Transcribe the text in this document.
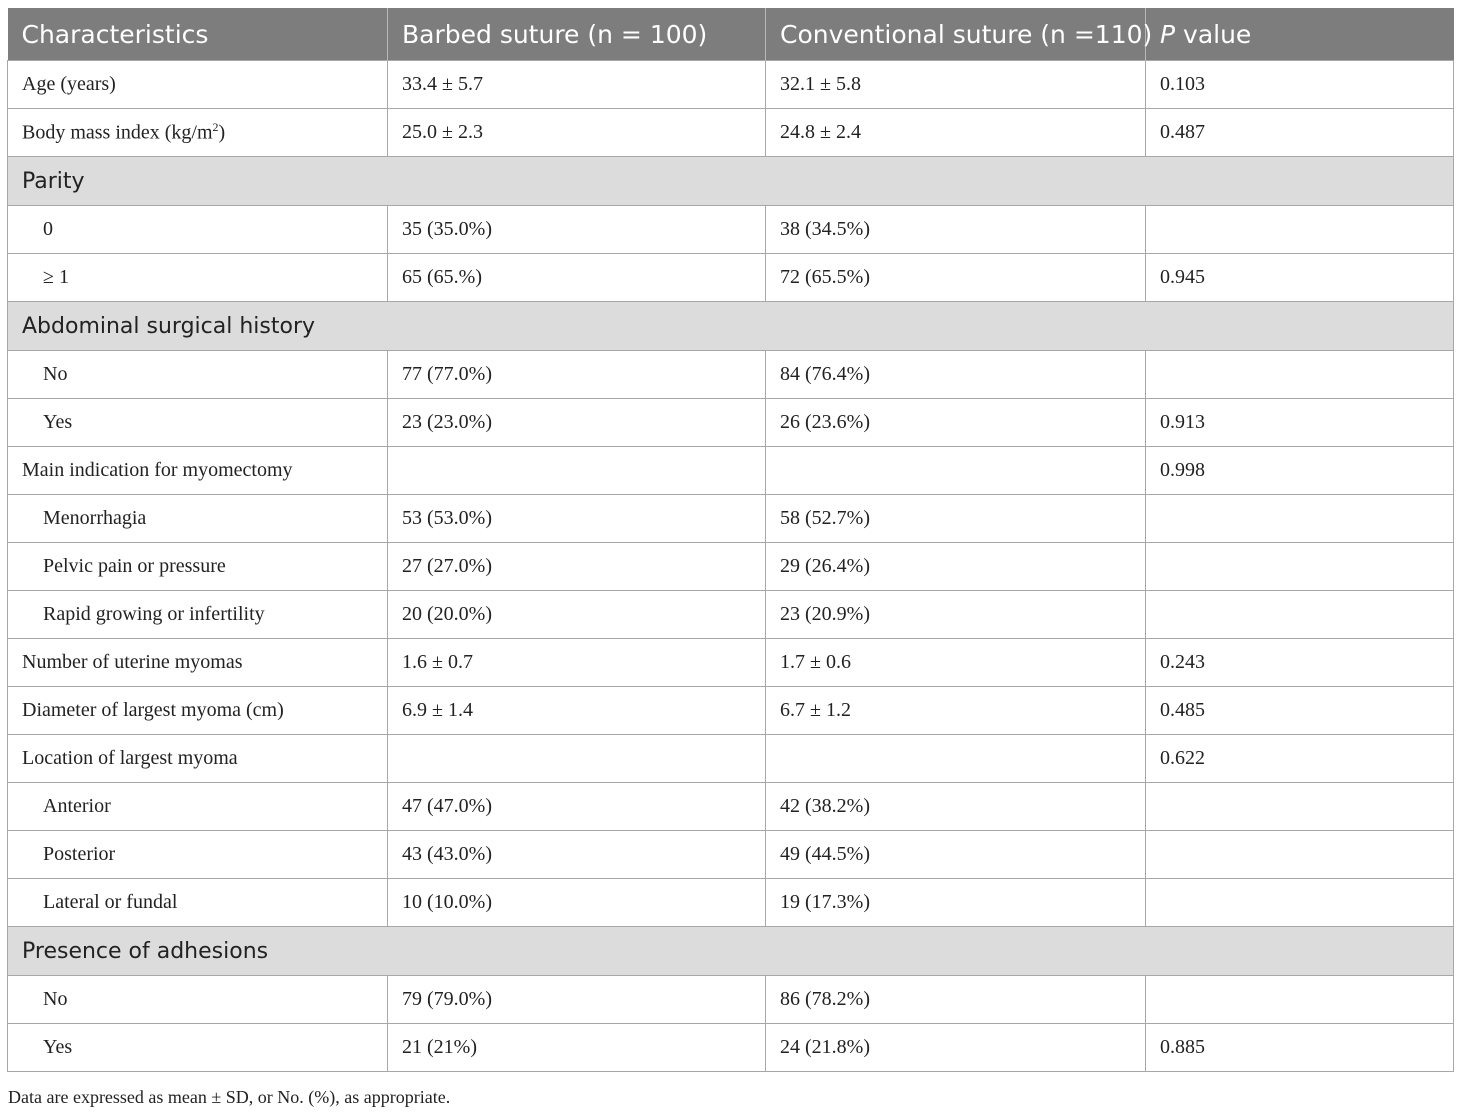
Characteristics	Barbed suture (n = 100)	Conventional suture (n =110)	P value
Age (years)	33.4 ± 5.7	32.1 ± 5.8	0.103
Body mass index $(kg/m^2)$	25.0 ± 2.3	24.8 ± 2.4	0.487
Parity			
0	35 (35.0%)	38 (34.5%)	
≥ 1	65 (65.%)	72 (65.5%)	0.945
Abdominal surgical history			
No	77 (77.0%)	84 (76.4%)	
Yes	23 (23.0%)	26 (23.6%)	0.913
Main indication for myomectomy			0.998
Menorrhagia	53 (53.0%)	58 (52.7%)	
Pelvic pain or pressure	27 (27.0%)	29 (26.4%)	
Rapid growing or infertility	20 (20.0%)	23 (20.9%)	
Number of uterine myomas	1.6 ± 0.7	1.7 ± 0.6	0.243
Diameter of largest myoma (cm)	6.9 ± 1.4	6.7 ± 1.2	0.485
Location of largest myoma			0.622
Anterior	47 (47.0%)	42 (38.2%)	
Posterior	43 (43.0%)	49 (44.5%)	
Lateral or fundal	10 (10.0%)	19 (17.3%)	
Presence of adhesions			
No	79 (79.0%)	86 (78.2%)	
Yes	21 (21%)	24 (21.8%)	0.885
Data are expressed as mean ± SD, or No. (%), as appropriate.
